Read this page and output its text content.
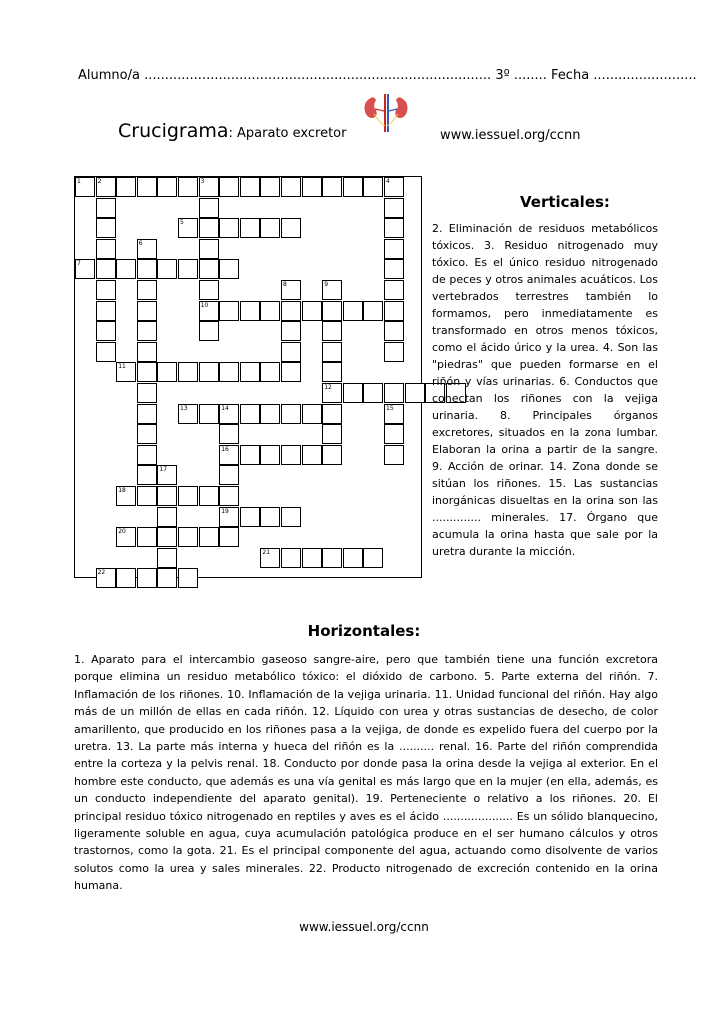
Alumno/a .................................................................................... 3º ........ Fecha .........................
Crucigrama: Aparato excretor	www.iessuel.org/ccnn
1	2	3	4
5
6
7
8	9
10
11
12
13	14	15
16
17
18
19
20
21
22
Verticales:
2. Eliminación de residuos metabólicos tóxicos. 3. Residuo nitrogenado muy tóxico. Es el único residuo nitrogenado de peces y otros animales acuáticos. Los vertebrados terrestres también lo formamos, pero inmediatamente es transformado en otros menos tóxicos, como el ácido úrico y la urea. 4. Son las "piedras" que pueden formarse en el riñón y vías urinarias. 6. Conductos que conectan los riñones con la vejiga urinaria. 8. Principales órganos excretores, situados en la zona lumbar. Elaboran la orina a partir de la sangre. 9. Acción de orinar. 14. Zona donde se sitúan los riñones. 15. Las sustancias inorgánicas disueltas en la orina son las .............. minerales. 17. Órgano que acumula la orina hasta que sale por la uretra durante la micción.
Horizontales:
1. Aparato para el intercambio gaseoso sangre-aire, pero que también tiene una función excretora porque elimina un residuo metabólico tóxico: el dióxido de carbono. 5. Parte externa del riñón. 7. Inflamación de los riñones. 10. Inflamación de la vejiga urinaria. 11. Unidad funcional del riñón. Hay algo más de un millón de ellas en cada riñón. 12. Líquido con urea y otras sustancias de desecho, de color amarillento, que producido en los riñones pasa a la vejiga, de donde es expelido fuera del cuerpo por la uretra. 13. La parte más interna y hueca del riñón es la .......... renal. 16. Parte del riñón comprendida entre la corteza y la pelvis renal. 18. Conducto por donde pasa la orina desde la vejiga al exterior. En el hombre este conducto, que además es una vía genital es más largo que en la mujer (en ella, además, es un conducto independiente del aparato genital). 19. Perteneciente o relativo a los riñones. 20. El principal residuo tóxico nitrogenado en reptiles y aves es el ácido .................... Es un sólido blanquecino, ligeramente soluble en agua, cuya acumulación patológica produce en el ser humano cálculos y otros trastornos, como la gota. 21. Es el principal componente del agua, actuando como disolvente de varios solutos como la urea y sales minerales. 22. Producto nitrogenado de excreción contenido en la orina humana.
www.iessuel.org/ccnn
